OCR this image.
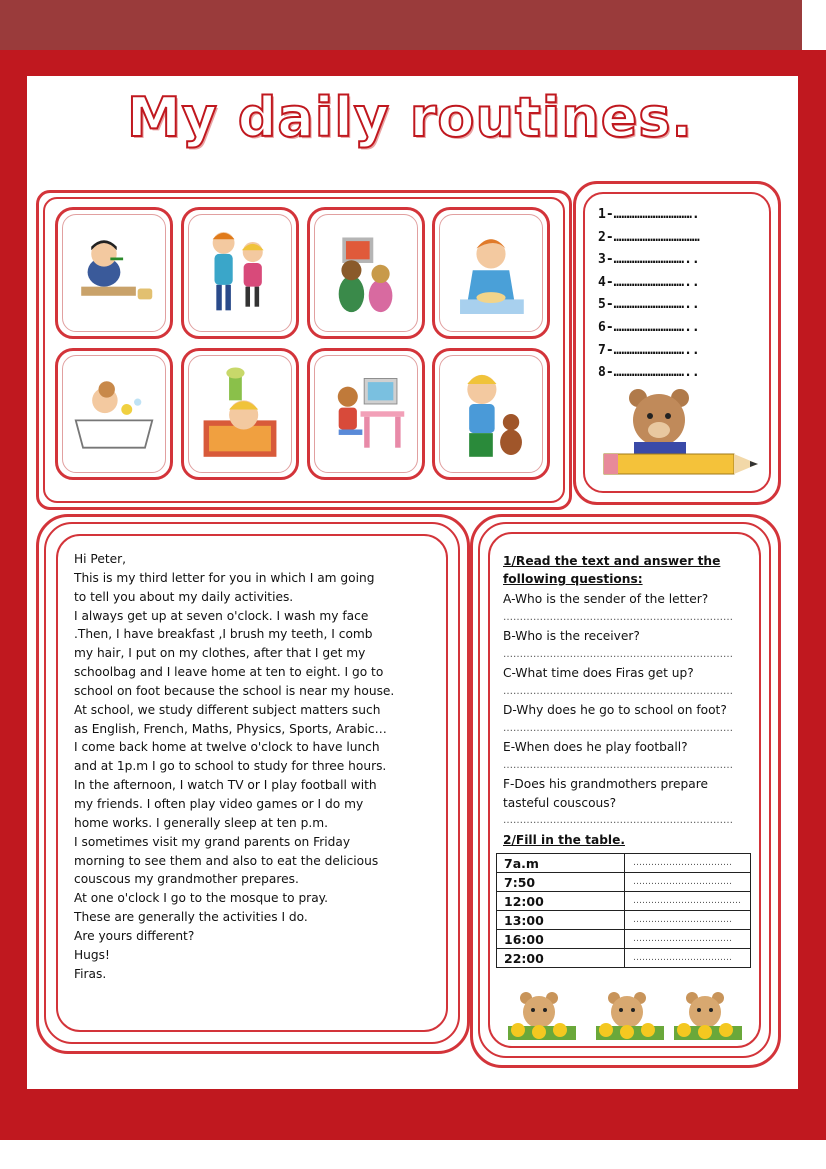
My daily routines.
1-………………………….
2-……………………………
3-………………………..
4-………………………..
5-………………………..
6-………………………..
7-………………………..
8-………………………..
Hi Peter,
This is my third letter for you in which I am going
to tell you about my daily activities.
I always get up at seven o'clock. I wash my face
.Then, I have breakfast ,I brush my teeth, I comb
my hair, I put on my clothes, after that I get my
schoolbag and I leave home at ten to eight. I go to
school on foot because the school is near my house.
At school, we study different subject matters such
as English, French, Maths, Physics, Sports, Arabic…
I come back home at twelve o'clock to have lunch
and at 1p.m I go to school to study for three hours.
In the afternoon, I watch TV or I play football with
my friends. I often play video games or I do my
home works. I generally sleep at ten p.m.
I sometimes visit my grand parents on Friday
morning to see them and also to eat the delicious
couscous my grandmother prepares.
At one o'clock I go to the mosque to pray.
These are generally the activities I do.
Are yours different?
Hugs!
Firas.
1/Read the text and answer the
following questions:
A-Who is the sender of the letter?
……………………………………………………………
B-Who is the receiver?
……………………………………………………………
C-What time does Firas get up?
……………………………………………………………
D-Why does he go to school on foot?
……………………………………………………………
E-When does he play football?
……………………………………………………………
F-Does his grandmothers prepare tasteful couscous?
……………………………………………………………
2/Fill in the table.
7a.m	……………………………
7:50	……………………………
12:00	………………………………
13:00	……………………………
16:00	……………………………
22:00	……………………………
